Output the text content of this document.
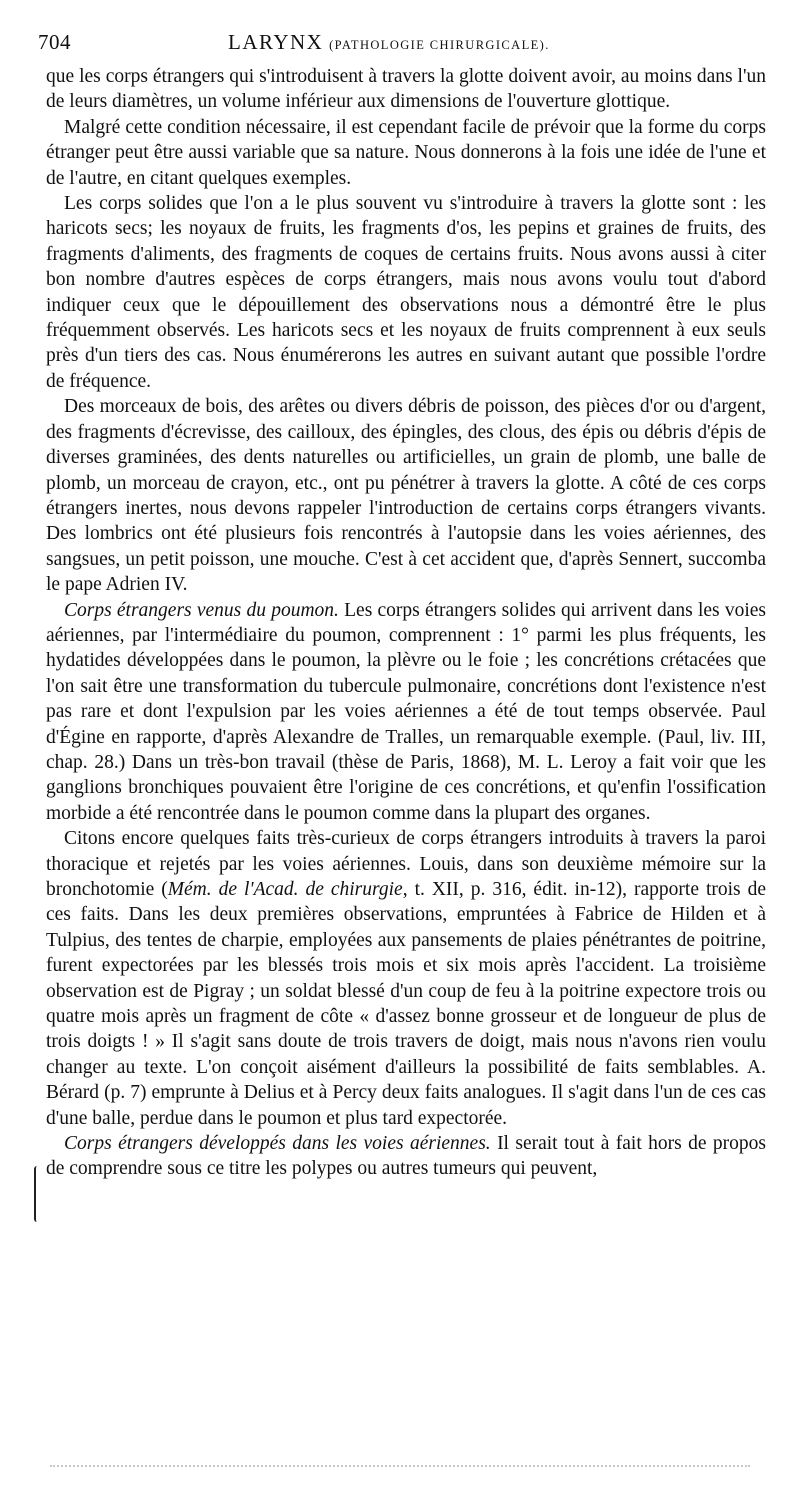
704	LARYNX (PATHOLOGIE CHIRURGICALE).

que les corps étrangers qui s'introduisent à travers la glotte doivent avoir, au moins dans l'un de leurs diamètres, un volume inférieur aux dimensions de l'ouverture glottique.

Malgré cette condition nécessaire, il est cependant facile de prévoir que la forme du corps étranger peut être aussi variable que sa nature. Nous donnerons à la fois une idée de l'une et de l'autre, en citant quelques exemples.

Les corps solides que l'on a le plus souvent vu s'introduire à travers la glotte sont : les haricots secs; les noyaux de fruits, les fragments d'os, les pepins et graines de fruits, des fragments d'aliments, des fragments de coques de certains fruits. Nous avons aussi à citer bon nombre d'autres espèces de corps étrangers, mais nous avons voulu tout d'abord indiquer ceux que le dépouillement des observations nous a démontré être le plus fréquemment observés. Les haricots secs et les noyaux de fruits comprennent à eux seuls près d'un tiers des cas. Nous énumérerons les autres en suivant autant que possible l'ordre de fréquence.

Des morceaux de bois, des arêtes ou divers débris de poisson, des pièces d'or ou d'argent, des fragments d'écrevisse, des cailloux, des épingles, des clous, des épis ou débris d'épis de diverses graminées, des dents naturelles ou artificielles, un grain de plomb, une balle de plomb, un morceau de crayon, etc., ont pu pénétrer à travers la glotte. A côté de ces corps étrangers inertes, nous devons rappeler l'introduction de certains corps étrangers vivants. Des lombrics ont été plusieurs fois rencontrés à l'autopsie dans les voies aériennes, des sangsues, un petit poisson, une mouche. C'est à cet accident que, d'après Sennert, succomba le pape Adrien IV.

Corps étrangers venus du poumon. Les corps étrangers solides qui arrivent dans les voies aériennes, par l'intermédiaire du poumon, comprennent : 1° parmi les plus fréquents, les hydatides développées dans le poumon, la plèvre ou le foie ; les concrétions crétacées que l'on sait être une transformation du tubercule pulmonaire, concrétions dont l'existence n'est pas rare et dont l'expulsion par les voies aériennes a été de tout temps observée. Paul d'Égine en rapporte, d'après Alexandre de Tralles, un remarquable exemple. (Paul, liv. III, chap. 28.) Dans un très-bon travail (thèse de Paris, 1868), M. L. Leroy a fait voir que les ganglions bronchiques pouvaient être l'origine de ces concrétions, et qu'enfin l'ossification morbide a été rencontrée dans le poumon comme dans la plupart des organes.

Citons encore quelques faits très-curieux de corps étrangers introduits à travers la paroi thoracique et rejetés par les voies aériennes. Louis, dans son deuxième mémoire sur la bronchotomie (Mém. de l'Acad. de chirurgie, t. XII, p. 316, édit. in-12), rapporte trois de ces faits. Dans les deux premières observations, empruntées à Fabrice de Hilden et à Tulpius, des tentes de charpie, employées aux pansements de plaies pénétrantes de poitrine, furent expectorées par les blessés trois mois et six mois après l'accident. La troisième observation est de Pigray ; un soldat blessé d'un coup de feu à la poitrine expectore trois ou quatre mois après un fragment de côte « d'assez bonne grosseur et de longueur de plus de trois doigts ! » Il s'agit sans doute de trois travers de doigt, mais nous n'avons rien voulu changer au texte. L'on conçoit aisément d'ailleurs la possibilité de faits semblables. A. Bérard (p. 7) emprunte à Delius et à Percy deux faits analogues. Il s'agit dans l'un de ces cas d'une balle, perdue dans le poumon et plus tard expectorée.

Corps étrangers développés dans les voies aériennes. Il serait tout à fait hors de propos de comprendre sous ce titre les polypes ou autres tumeurs qui peuvent,
